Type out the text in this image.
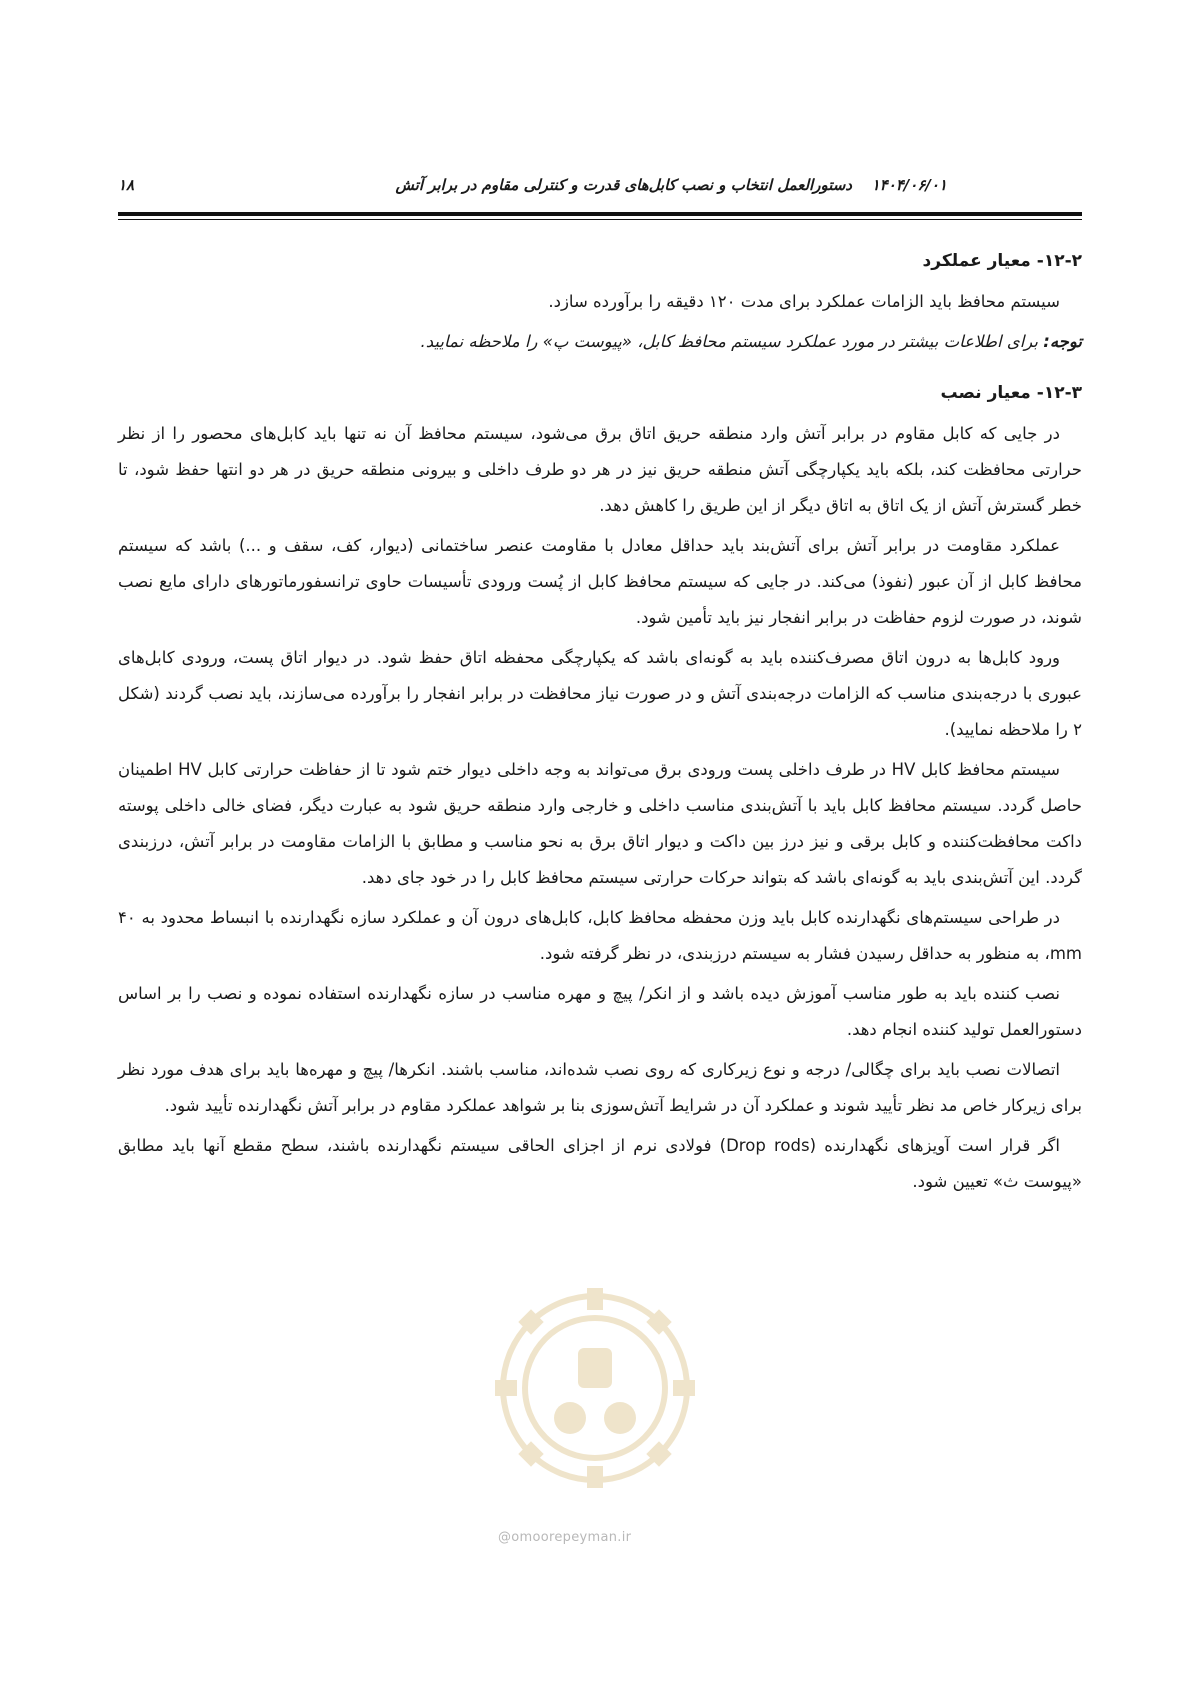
دستورالعمل انتخاب و نصب کابل‌های قدرت و کنترلی مقاوم در برابر آتش ۱۴۰۴/۰۶/۰۱
۱۸
۱۲-۲- معیار عملکرد

سیستم محافظ باید الزامات عملکرد برای مدت ۱۲۰ دقیقه را برآورده سازد.

توجه: برای اطلاعات بیشتر در مورد عملکرد سیستم محافظ کابل، «پیوست پ» را ملاحظه نمایید.

۱۲-۳- معیار نصب

در جایی که کابل مقاوم در برابر آتش وارد منطقه حریق اتاق برق می‌شود، سیستم محافظ آن نه تنها باید کابل‌های محصور را از نظر حرارتی محافظت کند، بلکه باید یکپارچگی آتش منطقه حریق نیز در هر دو طرف داخلی و بیرونی منطقه حریق در هر دو انتها حفظ شود، تا خطر گسترش آتش از یک اتاق به اتاق دیگر از این طریق را کاهش دهد.

عملکرد مقاومت در برابر آتش برای آتش‌بند باید حداقل معادل با مقاومت عنصر ساختمانی (دیوار، کف، سقف و ...) باشد که سیستم محافظ کابل از آن عبور (نفوذ) می‌کند. در جایی که سیستم محافظ کابل از پُست ورودی تأسیسات حاوی ترانسفورماتورهای دارای مایع نصب شوند، در صورت لزوم حفاظت در برابر انفجار نیز باید تأمین شود.

ورود کابل‌ها به درون اتاق مصرف‌کننده باید به گونه‌ای باشد که یکپارچگی محفظه اتاق حفظ شود. در دیوار اتاق پست، ورودی کابل‌های عبوری با درجه‌بندی مناسب که الزامات درجه‌بندی آتش و در صورت نیاز محافظت در برابر انفجار را برآورده می‌سازند، باید نصب گردند (شکل ۲ را ملاحظه نمایید).

سیستم محافظ کابل HV در طرف داخلی پست ورودی برق می‌تواند به وجه داخلی دیوار ختم شود تا از حفاظت حرارتی کابل HV اطمینان حاصل گردد. سیستم محافظ کابل باید با آتش‌بندی مناسب داخلی و خارجی وارد منطقه حریق شود به عبارت دیگر، فضای خالی داخلی پوسته داکت محافظت‌کننده و کابل برقی و نیز درز بین داکت و دیوار اتاق برق به نحو مناسب و مطابق با الزامات مقاومت در برابر آتش، درزبندی گردد. این آتش‌بندی باید به گونه‌ای باشد که بتواند حرکات حرارتی سیستم محافظ کابل را در خود جای دهد.

در طراحی سیستم‌های نگهدارنده کابل باید وزن محفظه محافظ کابل، کابل‌های درون آن و عملکرد سازه نگهدارنده با انبساط محدود به ۴۰ mm، به منظور به حداقل رسیدن فشار به سیستم درزبندی، در نظر گرفته شود.

نصب کننده باید به طور مناسب آموزش دیده باشد و از انکر/ پیچ و مهره مناسب در سازه نگهدارنده استفاده نموده و نصب را بر اساس دستورالعمل تولید کننده انجام دهد.

اتصالات نصب باید برای چگالی/ درجه و نوع زیرکاری که روی نصب شده‌اند، مناسب باشند. انکرها/ پیچ و مهره‌ها باید برای هدف مورد نظر برای زیرکار خاص مد نظر تأیید شوند و عملکرد آن در شرایط آتش‌سوزی بنا بر شواهد عملکرد مقاوم در برابر آتش نگهدارنده تأیید شود.

اگر قرار است آویزهای نگهدارنده (Drop rods) فولادی نرم از اجزای الحاقی سیستم نگهدارنده باشند، سطح مقطع آنها باید مطابق «پیوست ث» تعیین شود.

@omoorepeyman.ir
